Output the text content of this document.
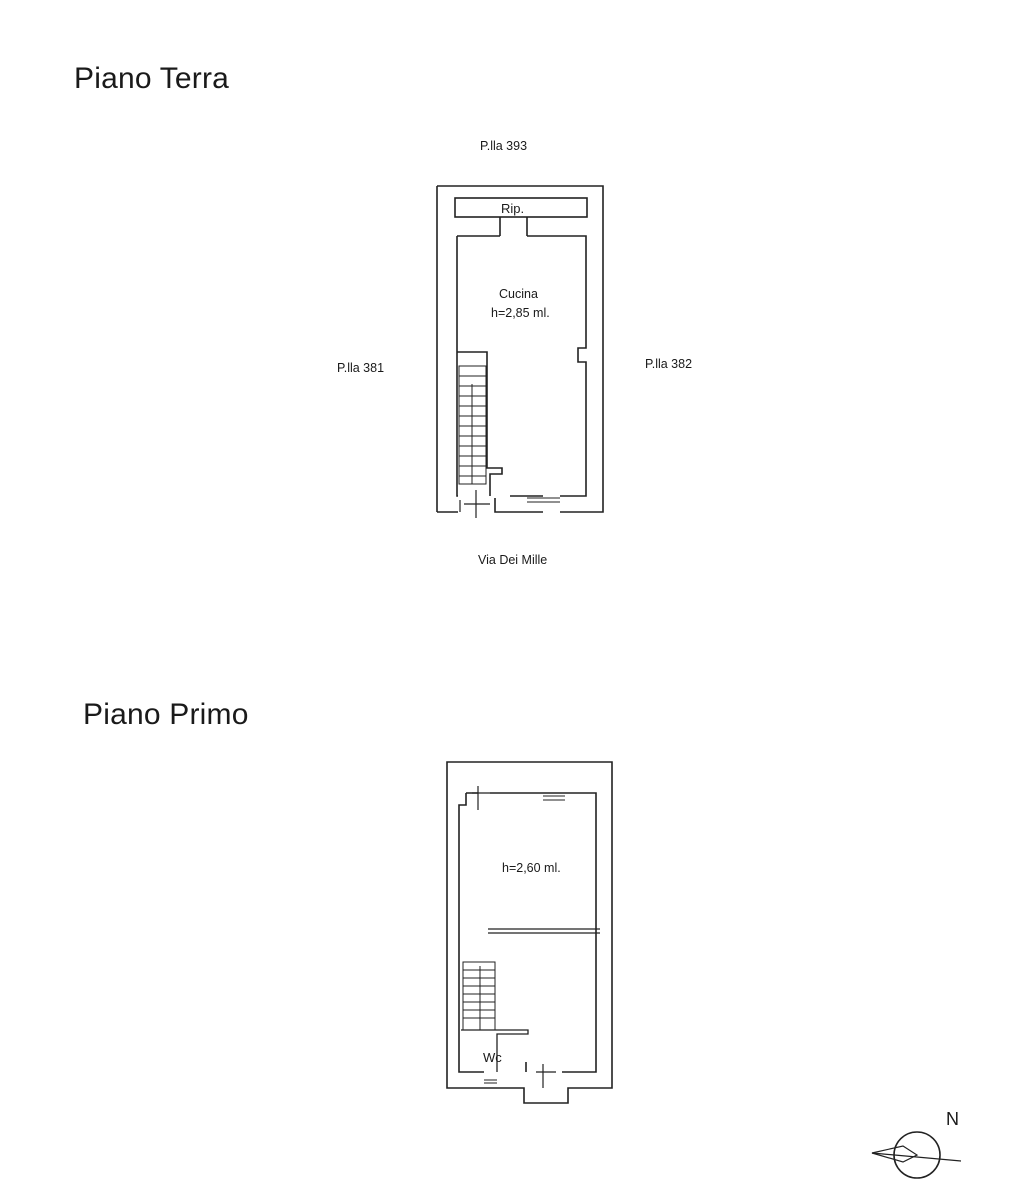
Piano Terra
Piano Primo
P.lla 393
P.lla 381	P.lla 382
Via Dei Mille
Rip.
Cucina
h=2,85 ml.
h=2,60 ml.
Wc
N
